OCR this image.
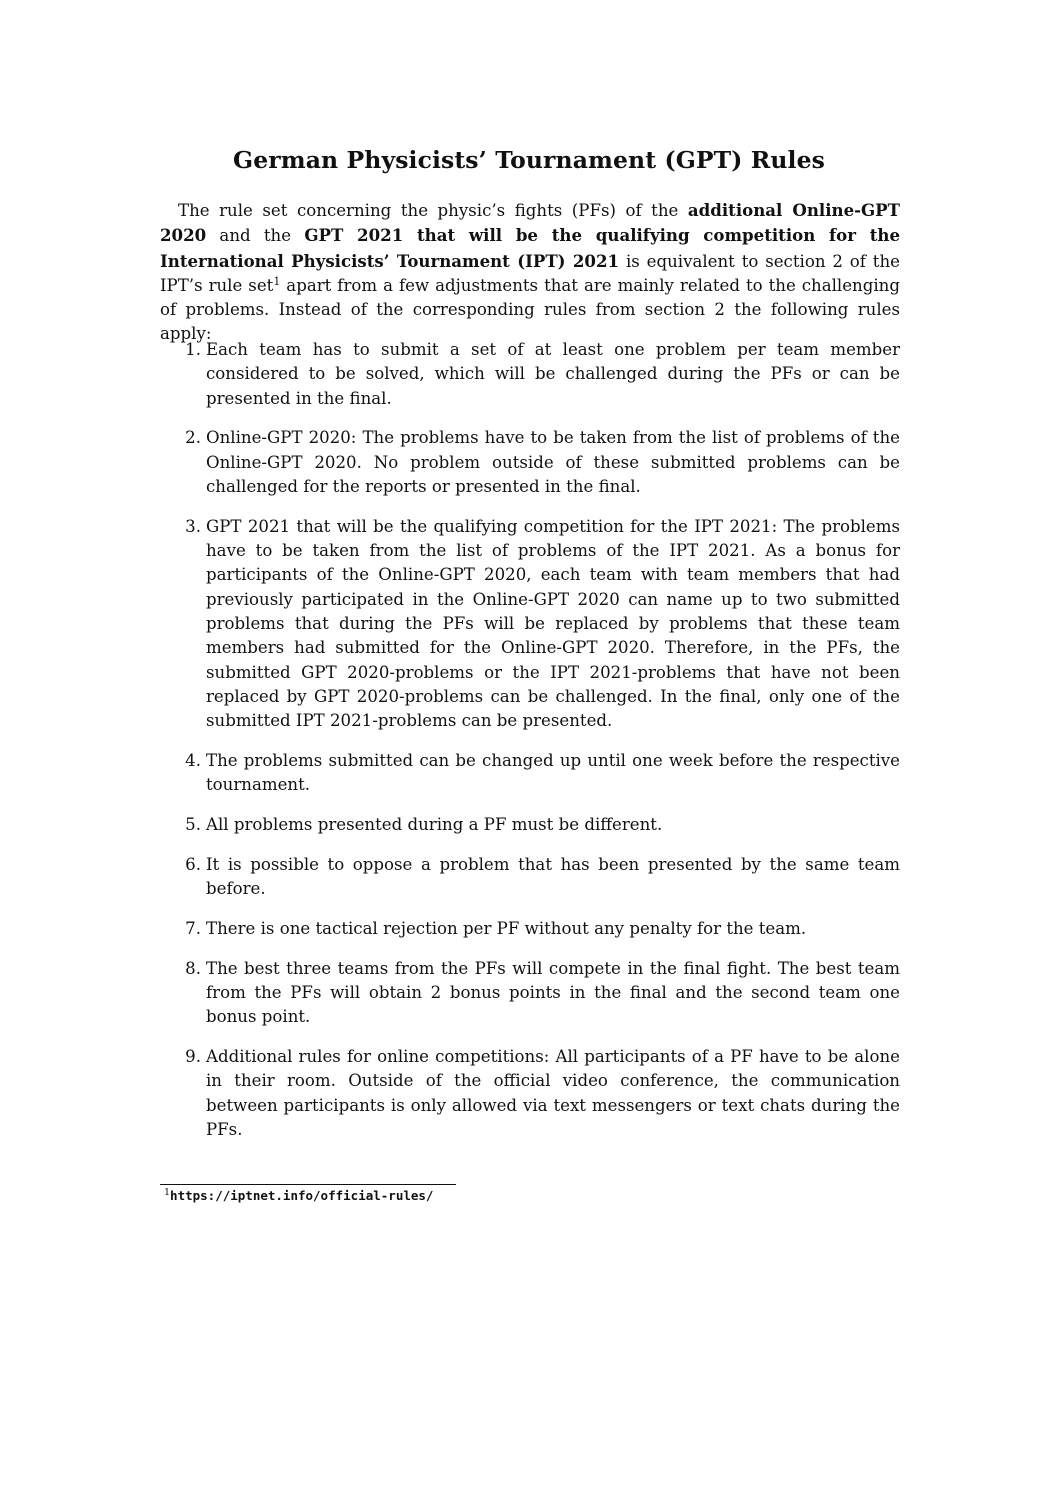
German Physicists’ Tournament (GPT) Rules

The rule set concerning the physic’s fights (PFs) of the additional Online-GPT 2020 and the GPT 2021 that will be the qualifying competition for the International Physicists’ Tournament (IPT) 2021 is equivalent to section 2 of the IPT’s rule set$^1$ apart from a few adjustments that are mainly related to the challenging of problems. Instead of the corresponding rules from section 2 the following rules apply:

1. Each team has to submit a set of at least one problem per team member considered to be solved, which will be challenged during the PFs or can be presented in the final.
2. Online-GPT 2020: The problems have to be taken from the list of problems of the Online-GPT 2020. No problem outside of these submitted problems can be challenged for the reports or presented in the final.
3. GPT 2021 that will be the qualifying competition for the IPT 2021: The problems have to be taken from the list of problems of the IPT 2021. As a bonus for participants of the Online-GPT 2020, each team with team members that had previously participated in the Online-GPT 2020 can name up to two submitted problems that during the PFs will be replaced by problems that these team members had submitted for the Online-GPT 2020. Therefore, in the PFs, the submitted GPT 2020-problems or the IPT 2021-problems that have not been replaced by GPT 2020-problems can be challenged. In the final, only one of the submitted IPT 2021-problems can be presented.
4. The problems submitted can be changed up until one week before the respective tournament.
5. All problems presented during a PF must be different.
6. It is possible to oppose a problem that has been presented by the same team before.
7. There is one tactical rejection per PF without any penalty for the team.
8. The best three teams from the PFs will compete in the final fight. The best team from the PFs will obtain 2 bonus points in the final and the second team one bonus point.
9. Additional rules for online competitions: All participants of a PF have to be alone in their room. Outside of the official video conference, the communication between participants is only allowed via text messengers or text chats during the PFs.

$^1$https://iptnet.info/official-rules/
